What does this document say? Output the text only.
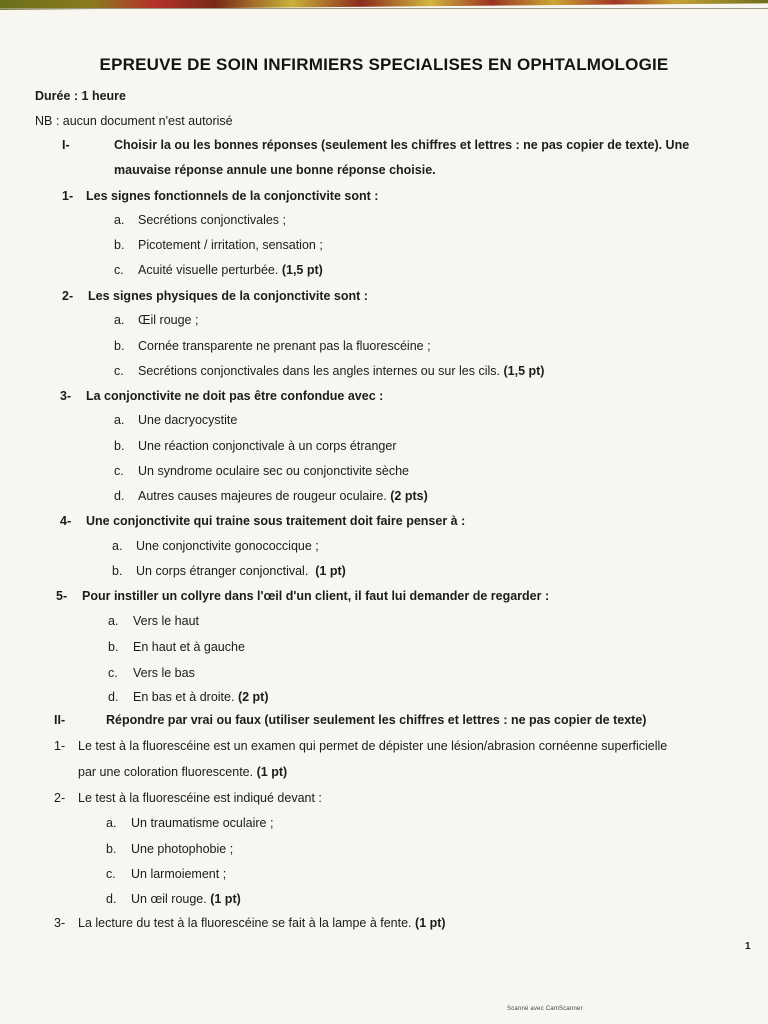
EPREUVE DE SOIN INFIRMIERS SPECIALISES EN OPHTALMOLOGIE
Durée : 1 heure
NB : aucun document n'est autorisé
I-	Choisir la ou les bonnes réponses (seulement les chiffres et lettres : ne pas copier de texte). Une
mauvaise réponse annule une bonne réponse choisie.
1- Les signes fonctionnels de la conjonctivite sont :
a. Secrétions conjonctivales ;
b. Picotement / irritation, sensation ;
c. Acuité visuelle perturbée. (1,5 pt)
2- Les signes physiques de la conjonctivite sont :
a. Œil rouge ;
b. Cornée transparente ne prenant pas la fluorescéine ;
c. Secrétions conjonctivales dans les angles internes ou sur les cils. (1,5 pt)
3- La conjonctivite ne doit pas être confondue avec :
a. Une dacryocystite
b. Une réaction conjonctivale à un corps étranger
c. Un syndrome oculaire sec ou conjonctivite sèche
d. Autres causes majeures de rougeur oculaire. (2 pts)
4- Une conjonctivite qui traine sous traitement doit faire penser à :
a. Une conjonctivite gonococcique ;
b. Un corps étranger conjonctival. (1 pt)
5- Pour instiller un collyre dans l'œil d'un client, il faut lui demander de regarder :
a. Vers le haut
b. En haut et à gauche
c. Vers le bas
d. En bas et à droite. (2 pt)
II-	Répondre par vrai ou faux (utiliser seulement les chiffres et lettres : ne pas copier de texte)
1- Le test à la fluorescéine est un examen qui permet de dépister une lésion/abrasion cornéenne superficielle
par une coloration fluorescente. (1 pt)
2- Le test à la fluorescéine est indiqué devant :
a. Un traumatisme oculaire ;
b. Une photophobie ;
c. Un larmoiement ;
d. Un œil rouge. (1 pt)
3- La lecture du test à la fluorescéine se fait à la lampe à fente. (1 pt)
1
Scanné avec CamScanner
